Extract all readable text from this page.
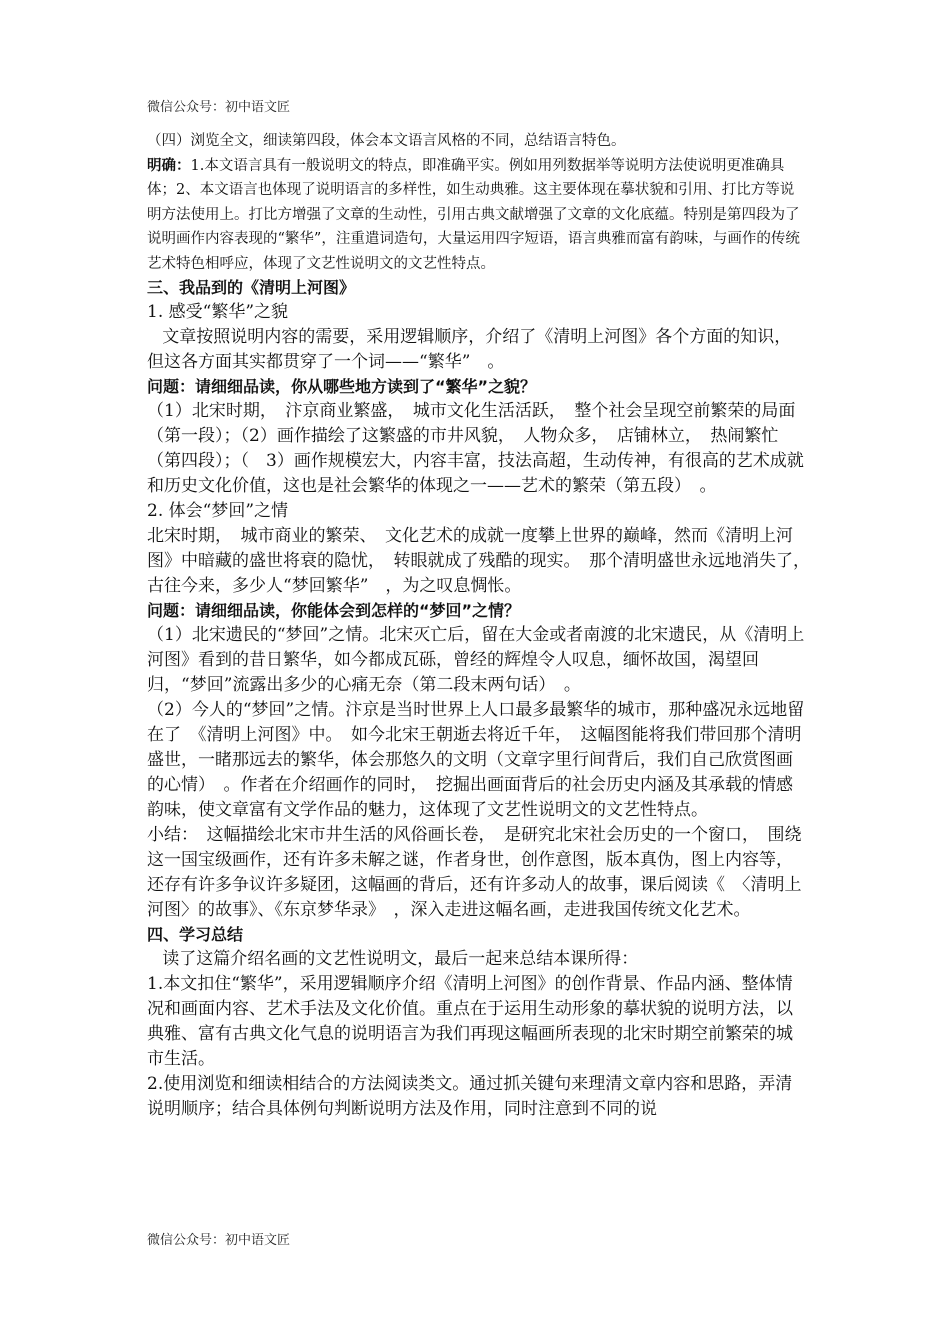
微信公众号：初中语文匠

（四）浏览全文，细读第四段，体会本文语言风格的不同，总结语言特色。

明确：1.本文语言具有一般说明文的特点，即准确平实。例如用列数据举等说明方法使说明更准确具体；2、本文语言也体现了说明语言的多样性，如生动典雅。这主要体现在摹状貌和引用、打比方等说明方法使用上。打比方增强了文章的生动性，引用古典文献增强了文章的文化底蕴。特别是第四段为了说明画作内容表现的“繁华”，注重遣词造句，大量运用四字短语，语言典雅而富有韵味，与画作的传统艺术特色相呼应，体现了文艺性说明文的文艺性特点。

三、我品到的《清明上河图》

1. 感受“繁华”之貌

文章按照说明内容的需要，采用逻辑顺序，介绍了《清明上河图》各个方面的知识，但这各方面其实都贯穿了一个词——“繁华”　。

问题：请细细品读，你从哪些地方读到了“繁华”之貌？

（1）北宋时期，　汴京商业繁盛，　城市文化生活活跃，　整个社会呈现空前繁荣的局面　（第一段）；（2）画作描绘了这繁盛的市井风貌，　人物众多，　店铺林立，　热闹繁忙　（第四段）；（　3）画作规模宏大，内容丰富，技法高超，生动传神，有很高的艺术成就和历史文化价值，这也是社会繁华的体现之一——艺术的繁荣（第五段）　。

2. 体会“梦回”之情

北宋时期，　城市商业的繁荣、　文化艺术的成就一度攀上世界的巅峰，然而《清明上河图》中暗藏的盛世将衰的隐忧，　转眼就成了残酷的现实。　那个清明盛世永远地消失了，　古往今来，多少人“梦回繁华”　，为之叹息惆怅。

问题：请细细品读，你能体会到怎样的“梦回”之情？

（1）北宋遗民的“梦回”之情。北宋灭亡后，留在大金或者南渡的北宋遗民，从《清明上河图》看到的昔日繁华，如今都成瓦砾，曾经的辉煌令人叹息，缅怀故国，渴望回归，“梦回”流露出多少的心痛无奈（第二段末两句话）　。

（2）今人的“梦回”之情。汴京是当时世界上人口最多最繁华的城市，那种盛况永远地留在了　《清明上河图》中。　如今北宋王朝逝去将近千年，　这幅图能将我们带回那个清明盛世，一睹那远去的繁华，体会那悠久的文明（文章字里行间背后，我们自己欣赏图画的心情）　。作者在介绍画作的同时，　挖掘出画面背后的社会历史内涵及其承载的情感韵味，使文章富有文学作品的魅力，这体现了文艺性说明文的文艺性特点。

小结：　这幅描绘北宋市井生活的风俗画长卷，　是研究北宋社会历史的一个窗口，　围绕这一国宝级画作，还有许多未解之谜，作者身世，创作意图，版本真伪，图上内容等，还存有许多争议许多疑团，这幅画的背后，还有许多动人的故事，课后阅读《　〈清明上河图〉的故事》、《东京梦华录》　，深入走进这幅名画，走进我国传统文化艺术。

四、学习总结

读了这篇介绍名画的文艺性说明文，最后一起来总结本课所得：

1.本文扣住“繁华”，采用逻辑顺序介绍《清明上河图》的创作背景、作品内涵、整体情况和画面内容、艺术手法及文化价值。重点在于运用生动形象的摹状貌的说明方法，以典雅、富有古典文化气息的说明语言为我们再现这幅画所表现的北宋时期空前繁荣的城市生活。

2.使用浏览和细读相结合的方法阅读类文。通过抓关键句来理清文章内容和思路，弄清说明顺序；结合具体例句判断说明方法及作用，同时注意到不同的说

微信公众号：初中语文匠
